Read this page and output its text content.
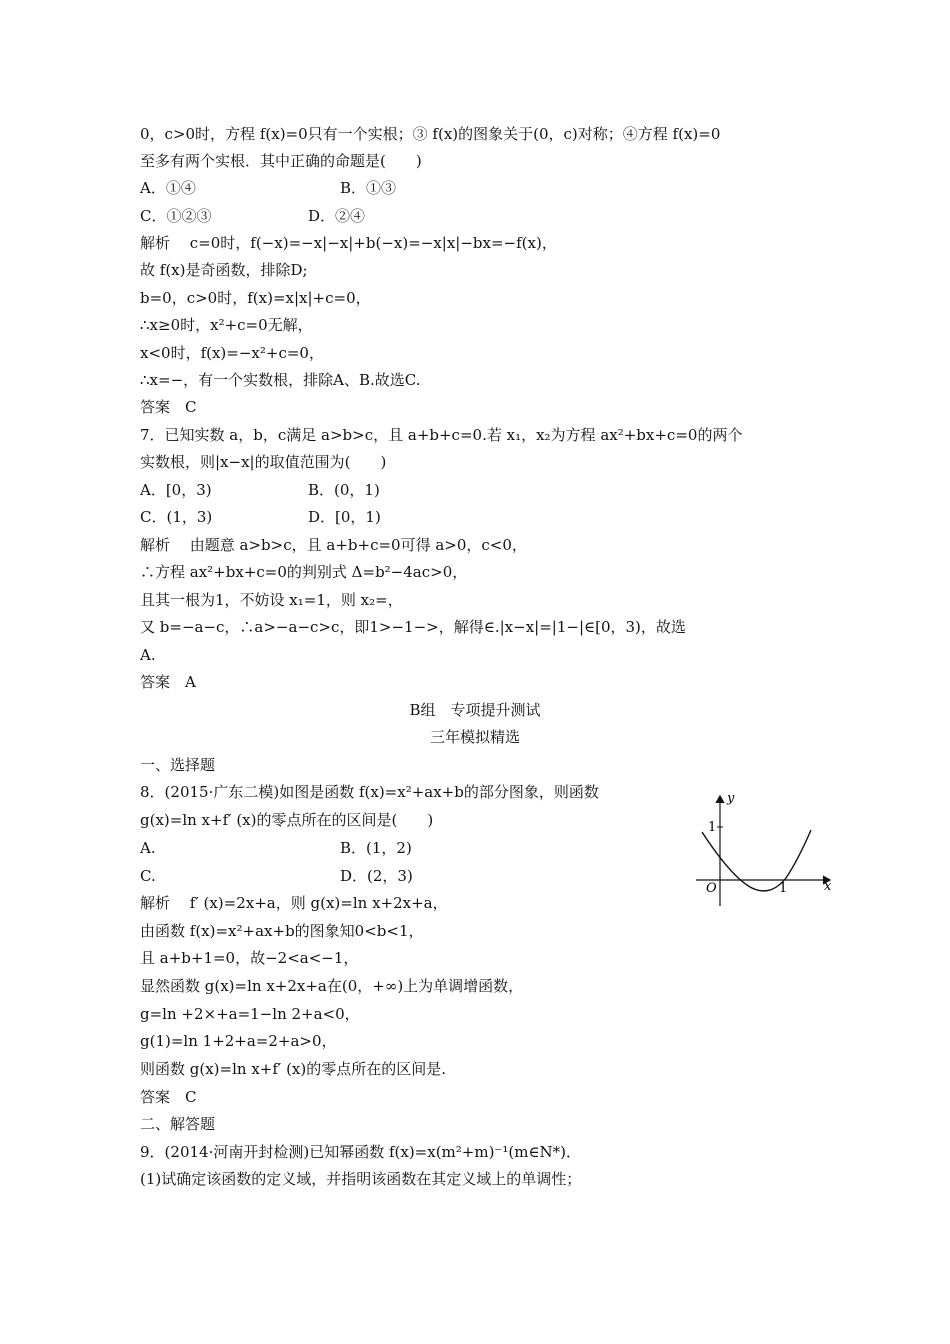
0，c>0时，方程 f(x)=0只有一个实根；③ f(x)的图象关于(0，c)对称；④方程 f(x)=0
至多有两个实根．其中正确的命题是(　　)
A．①④	B．①③
C．①②③	D．②④
解析　 c=0时，f(−x)=−x|−x|+b(−x)=−x|x|−bx=−f(x)，
故 f(x)是奇函数，排除D;
b=0，c>0时，f(x)=x|x|+c=0，
∴x≥0时，x²+c=0无解，
x<0时，f(x)=−x²+c=0，
∴x=−，有一个实数根，排除A、B.故选C.
答案　C
7．已知实数 a，b，c满足 a>b>c，且 a+b+c=0.若 x₁，x₂为方程 ax²+bx+c=0的两个
实数根，则|x−x|的取值范围为(　　)
A．[0，3)	B．(0，1)
C．(1，3)	D．[0，1)
解析　 由题意 a>b>c，且 a+b+c=0可得 a>0，c<0，
∴方程 ax²+bx+c=0的判别式 Δ=b²−4ac>0，
且其一根为1，不妨设 x₁=1，则 x₂=，
又 b=−a−c，∴a>−a−c>c，即1>−1−>，解得∈.|x−x|=|1−|∈[0，3)，故选
A.
答案　A
B组　专项提升测试
三年模拟精选
一、选择题
8．(2015·广东二模)如图是函数 f(x)=x²+ax+b的部分图象，则函数
g(x)=ln x+f′ (x)的零点所在的区间是(　　)
A.	B．(1，2)
C.	D．(2，3)
解析　 f′ (x)=2x+a，则 g(x)=ln x+2x+a，
由函数 f(x)=x²+ax+b的图象知0<b<1，
且 a+b+1=0，故−2<a<−1，
显然函数 g(x)=ln x+2x+a在(0，+∞)上为单调增函数，
g=ln +2×+a=1−ln 2+a<0，
g(1)=ln 1+2+a=2+a>0，
则函数 g(x)=ln x+f′ (x)的零点所在的区间是.
答案　C
二、解答题
9．(2014·河南开封检测)已知幂函数 f(x)=x(m²+m)⁻¹(m∈N*)．
(1)试确定该函数的定义域，并指明该函数在其定义域上的单调性；
y
x
O
1
1
